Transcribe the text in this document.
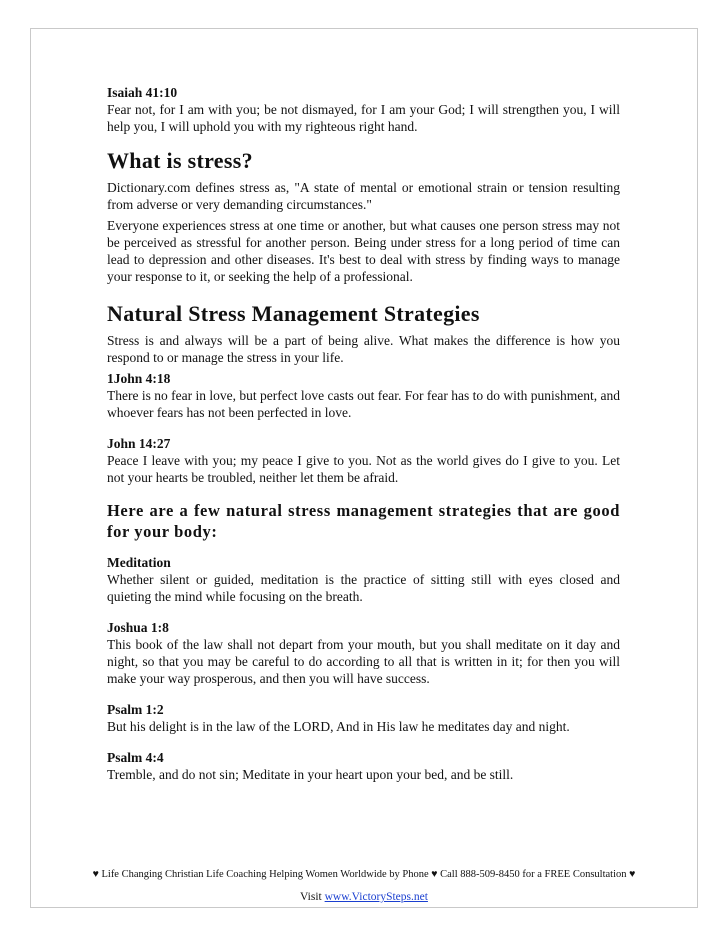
Isaiah 41:10
Fear not, for I am with you; be not dismayed, for I am your God; I will strengthen you, I will help you, I will uphold you with my righteous right hand.
What is stress?
Dictionary.com defines stress as, "A state of mental or emotional strain or tension resulting from adverse or very demanding circumstances."
Everyone experiences stress at one time or another, but what causes one person stress may not be perceived as stressful for another person. Being under stress for a long period of time can lead to depression and other diseases. It's best to deal with stress by finding ways to manage your response to it, or seeking the help of a professional.
Natural Stress Management Strategies
Stress is and always will be a part of being alive. What makes the difference is how you respond to or manage the stress in your life.
1John 4:18
There is no fear in love, but perfect love casts out fear. For fear has to do with punishment, and whoever fears has not been perfected in love.
John 14:27
Peace I leave with you; my peace I give to you. Not as the world gives do I give to you. Let not your hearts be troubled, neither let them be afraid.
Here are a few natural stress management strategies that are good for your body:
Meditation
Whether silent or guided, meditation is the practice of sitting still with eyes closed and quieting the mind while focusing on the breath.
Joshua 1:8
This book of the law shall not depart from your mouth, but you shall meditate on it day and night, so that you may be careful to do according to all that is written in it; for then you will make your way prosperous, and then you will have success.
Psalm 1:2
But his delight is in the law of the LORD, And in His law he meditates day and night.
Psalm 4:4
Tremble, and do not sin; Meditate in your heart upon your bed, and be still.
♥ Life Changing Christian Life Coaching Helping Women Worldwide by Phone ♥ Call 888-509-8450 for a FREE Consultation ♥
Visit www.VictorySteps.net
